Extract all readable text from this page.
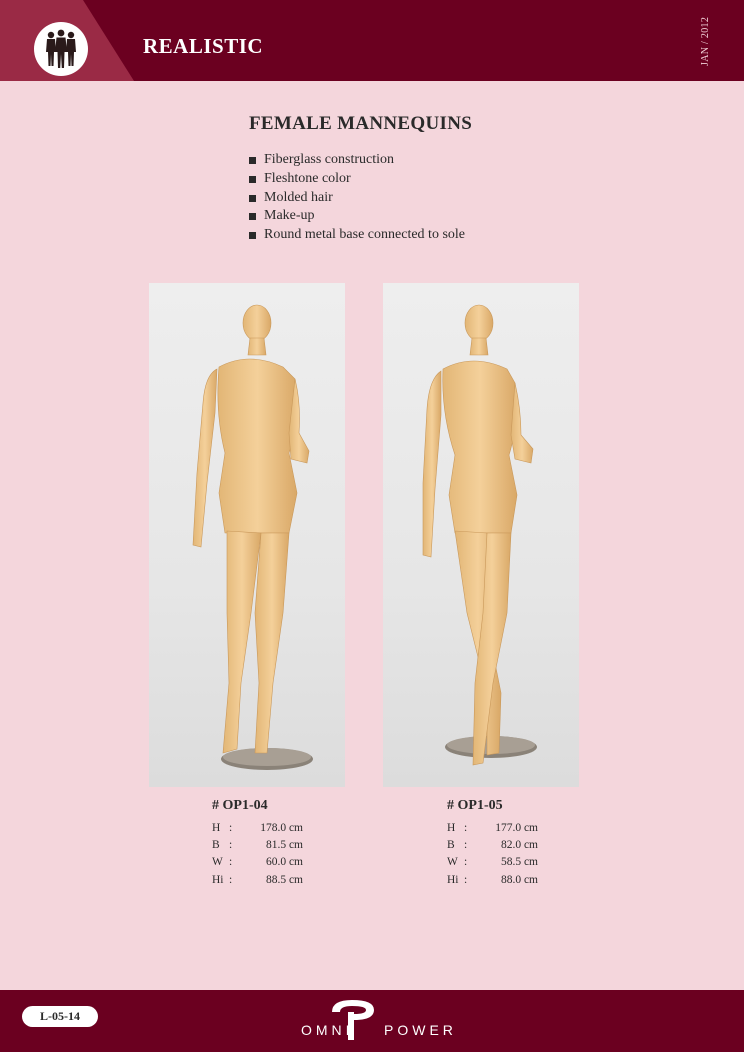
REALISTIC	JAN / 2012
FEMALE MANNEQUINS
Fiberglass construction
Fleshtone color
Molded hair
Make-up
Round metal base connected to sole
# OP1-04
H : 178.0 cm
B :	81.5 cm
W :	60.0 cm
Hi :	88.5 cm
# OP1-05
H : 177.0 cm
B :	82.0 cm
W :	58.5 cm
Hi :	88.0 cm
L-05-14
OMNI POWER
